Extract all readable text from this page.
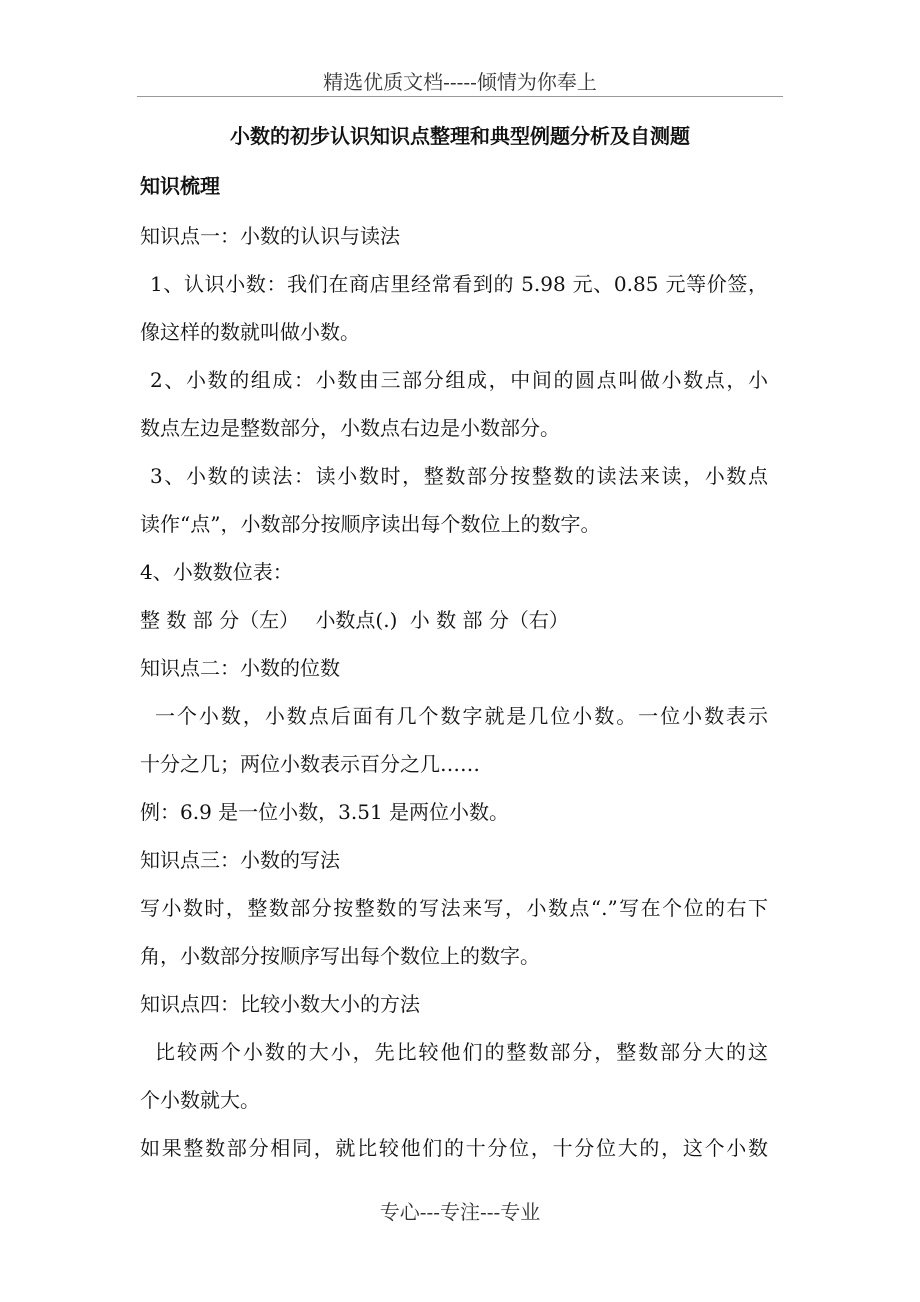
精选优质文档-----倾情为你奉上
小数的初步认识知识点整理和典型例题分析及自测题
知识梳理
知识点一：小数的认识与读法
1、认识小数：我们在商店里经常看到的 5.98 元、0.85 元等价签，
像这样的数就叫做小数。
2、小数的组成：小数由三部分组成，中间的圆点叫做小数点，小
数点左边是整数部分，小数点右边是小数部分。
3、小数的读法：读小数时，整数部分按整数的读法来读，小数点
读作“点”，小数部分按顺序读出每个数位上的数字。
4、小数数位表：
整 数 部 分（左） 小数点(.) 小 数 部 分（右）
知识点二：小数的位数
一个小数，小数点后面有几个数字就是几位小数。一位小数表示
十分之几；两位小数表示百分之几……
例：6.9 是一位小数，3.51 是两位小数。
知识点三：小数的写法
写小数时，整数部分按整数的写法来写，小数点“.”写在个位的右下
角，小数部分按顺序写出每个数位上的数字。
知识点四：比较小数大小的方法
比较两个小数的大小，先比较他们的整数部分，整数部分大的这
个小数就大。
如果整数部分相同，就比较他们的十分位，十分位大的，这个小数
专心---专注---专业
